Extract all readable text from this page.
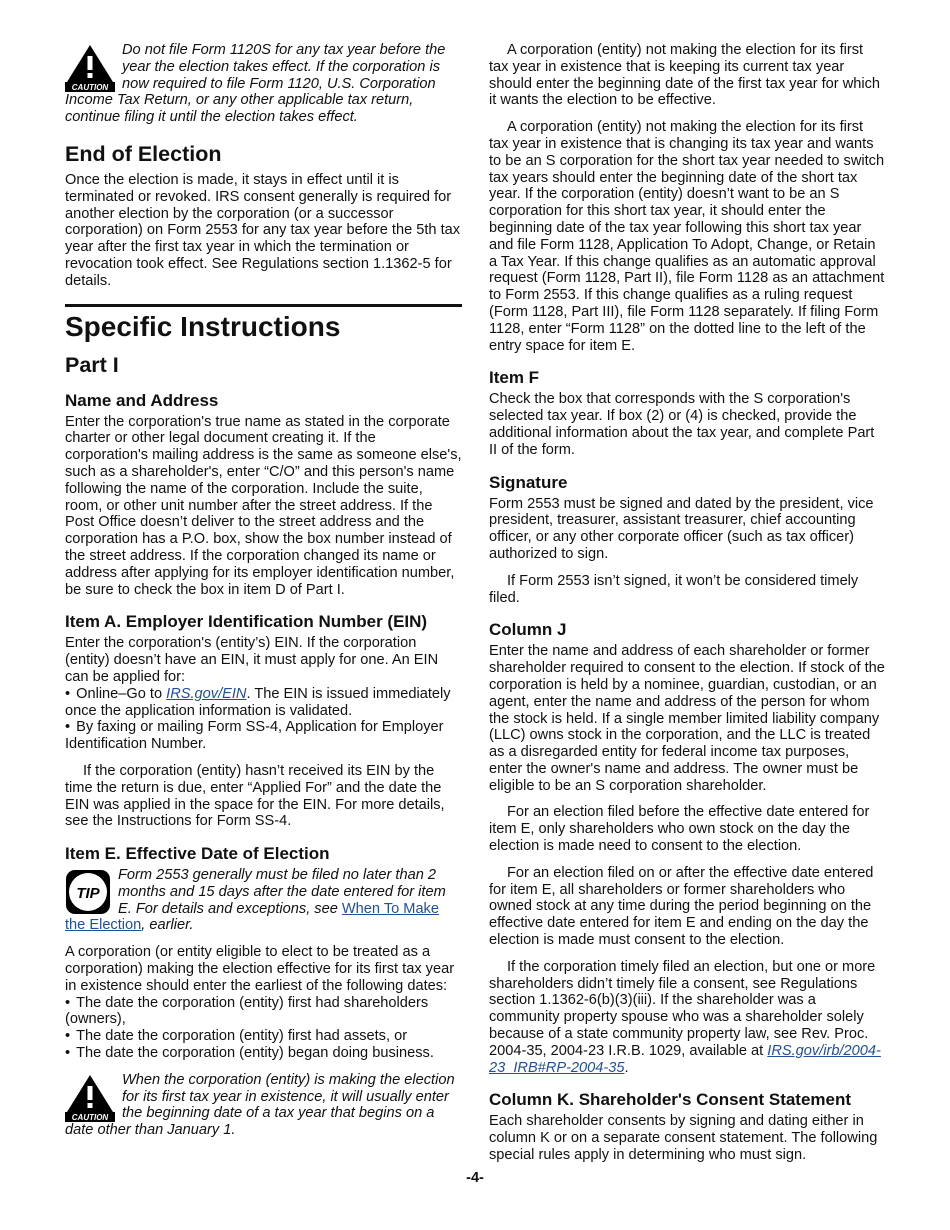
CAUTION

Do not file Form 1120S for any tax year before the year the election takes effect. If the corporation is now required to file Form 1120, U.S. Corporation Income Tax Return, or any other applicable tax return, continue filing it until the election takes effect.

End of Election

Once the election is made, it stays in effect until it is terminated or revoked. IRS consent generally is required for another election by the corporation (or a successor corporation) on Form 2553 for any tax year before the 5th tax year after the first tax year in which the termination or revocation took effect. See Regulations section 1.1362-5 for details.

Specific Instructions
Part I
Name and Address

Enter the corporation's true name as stated in the corporate charter or other legal document creating it. If the corporation's mailing address is the same as someone else's, such as a shareholder's, enter “C/O” and this person's name following the name of the corporation. Include the suite, room, or other unit number after the street address. If the Post Office doesn’t deliver to the street address and the corporation has a P.O. box, show the box number instead of the street address. If the corporation changed its name or address after applying for its employer identification number, be sure to check the box in item D of Part I.

Item A. Employer Identification Number (EIN)

Enter the corporation's (entity’s) EIN. If the corporation (entity) doesn’t have an EIN, it must apply for one. An EIN can be applied for:

• Online–Go to IRS.gov/EIN. The EIN is issued immediately once the application information is validated.

• By faxing or mailing Form SS-4, Application for Employer Identification Number.

If the corporation (entity) hasn’t received its EIN by the time the return is due, enter “Applied For” and the date the EIN was applied in the space for the EIN. For more details, see the Instructions for Form SS-4.

Item E. Effective Date of Election
TIP

Form 2553 generally must be filed no later than 2 months and 15 days after the date entered for item E. For details and exceptions, see When To Make the Election, earlier.

A corporation (or entity eligible to elect to be treated as a corporation) making the election effective for its first tax year in existence should enter the earliest of the following dates:

• The date the corporation (entity) first had shareholders (owners),

• The date the corporation (entity) first had assets, or

• The date the corporation (entity) began doing business.

CAUTION

When the corporation (entity) is making the election for its first tax year in existence, it will usually enter the beginning date of a tax year that begins on a date other than January 1.

A corporation (entity) not making the election for its first tax year in existence that is keeping its current tax year should enter the beginning date of the first tax year for which it wants the election to be effective.

A corporation (entity) not making the election for its first tax year in existence that is changing its tax year and wants to be an S corporation for the short tax year needed to switch tax years should enter the beginning date of the short tax year. If the corporation (entity) doesn’t want to be an S corporation for this short tax year, it should enter the beginning date of the tax year following this short tax year and file Form 1128, Application To Adopt, Change, or Retain a Tax Year. If this change qualifies as an automatic approval request (Form 1128, Part II), file Form 1128 as an attachment to Form 2553. If this change qualifies as a ruling request (Form 1128, Part III), file Form 1128 separately. If filing Form 1128, enter “Form 1128” on the dotted line to the left of the entry space for item E.

Item F

Check the box that corresponds with the S corporation's selected tax year. If box (2) or (4) is checked, provide the additional information about the tax year, and complete Part II of the form.

Signature

Form 2553 must be signed and dated by the president, vice president, treasurer, assistant treasurer, chief accounting officer, or any other corporate officer (such as tax officer) authorized to sign.

If Form 2553 isn’t signed, it won’t be considered timely filed.

Column J

Enter the name and address of each shareholder or former shareholder required to consent to the election. If stock of the corporation is held by a nominee, guardian, custodian, or an agent, enter the name and address of the person for whom the stock is held. If a single member limited liability company (LLC) owns stock in the corporation, and the LLC is treated as a disregarded entity for federal income tax purposes, enter the owner's name and address. The owner must be eligible to be an S corporation shareholder.

For an election filed before the effective date entered for item E, only shareholders who own stock on the day the election is made need to consent to the election.

For an election filed on or after the effective date entered for item E, all shareholders or former shareholders who owned stock at any time during the period beginning on the effective date entered for item E and ending on the day the election is made must consent to the election.

If the corporation timely filed an election, but one or more shareholders didn’t timely file a consent, see Regulations section 1.1362-6(b)(3)(iii). If the shareholder was a community property spouse who was a shareholder solely because of a state community property law, see Rev. Proc. 2004-35, 2004-23 I.R.B. 1029, available at IRS.gov/irb/2004-23_IRB#RP-2004-35.

Column K. Shareholder's Consent Statement

Each shareholder consents by signing and dating either in column K or on a separate consent statement. The following special rules apply in determining who must sign.

-4-
